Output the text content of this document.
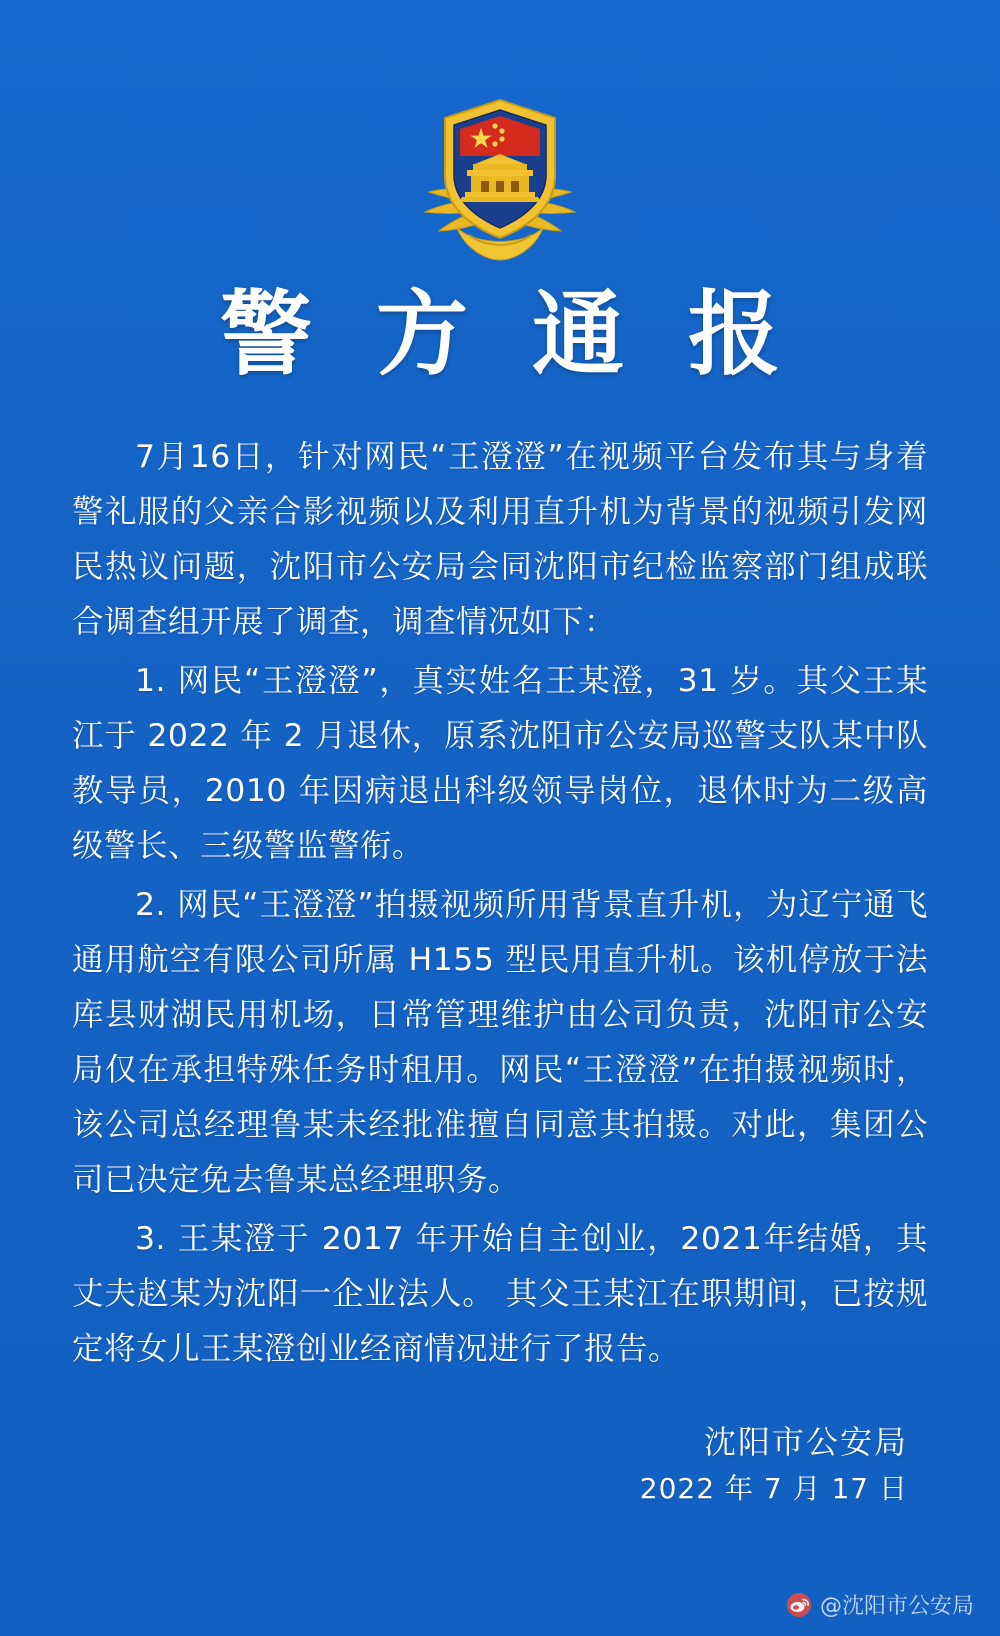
警 方 通 报

7月16日，针对网民“王澄澄”在视频平台发布其与身着警礼服的父亲合影视频以及利用直升机为背景的视频引发网民热议问题，沈阳市公安局会同沈阳市纪检监察部门组成联合调查组开展了调查，调查情况如下：

1. 网民“王澄澄”，真实姓名王某澄，31 岁。其父王某江于 2022 年 2 月退休，原系沈阳市公安局巡警支队某中队教导员，2010 年因病退出科级领导岗位，退休时为二级高级警长、三级警监警衔。

2. 网民“王澄澄”拍摄视频所用背景直升机，为辽宁通飞通用航空有限公司所属 H155 型民用直升机。该机停放于法库县财湖民用机场，日常管理维护由公司负责，沈阳市公安局仅在承担特殊任务时租用。网民“王澄澄”在拍摄视频时，该公司总经理鲁某未经批准擅自同意其拍摄。对此，集团公司已决定免去鲁某总经理职务。

3. 王某澄于 2017 年开始自主创业，2021年结婚，其丈夫赵某为沈阳一企业法人。 其父王某江在职期间，已按规定将女儿王某澄创业经商情况进行了报告。

沈阳市公安局
2022 年 7 月 17 日
@沈阳市公安局
